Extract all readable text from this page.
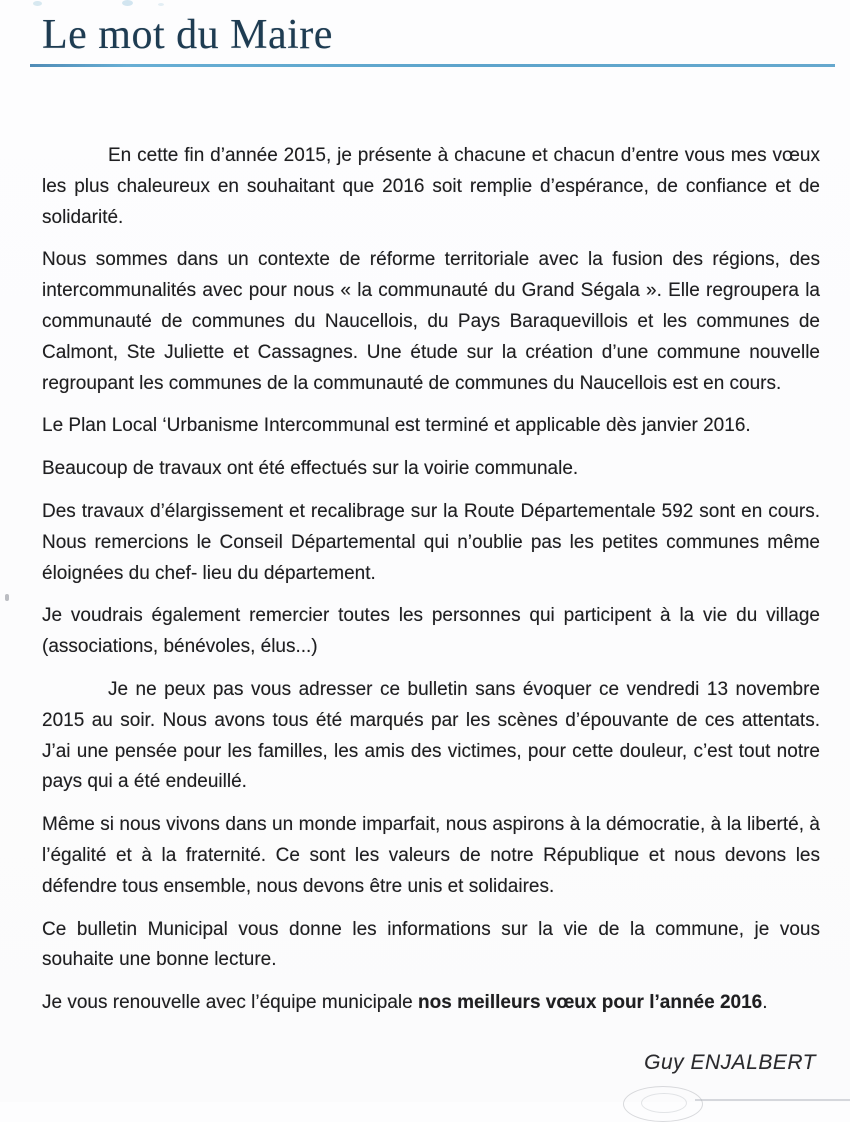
Le mot du Maire

En cette fin d’année 2015, je présente à chacune et chacun d’entre vous mes vœux les plus chaleureux en souhaitant que 2016 soit remplie d’espérance, de confiance et de solidarité.

Nous sommes dans un contexte de réforme territoriale avec la fusion des régions, des intercommunalités avec pour nous « la communauté du Grand Ségala ». Elle regroupera la communauté de communes du Naucellois, du Pays Baraquevillois et les communes de Calmont, Ste Juliette et Cassagnes. Une étude sur la création d’une commune nouvelle regroupant les communes de la communauté de communes du Naucellois est en cours.

Le Plan Local ‘Urbanisme Intercommunal est terminé et applicable dès janvier 2016.

Beaucoup de travaux ont été effectués sur la voirie communale.

Des travaux d’élargissement et recalibrage sur la Route Départementale 592 sont en cours. Nous remercions le Conseil Départemental qui n’oublie pas les petites communes même éloignées du chef- lieu du département.

Je voudrais également remercier toutes les personnes qui participent à la vie du village (associations, bénévoles, élus...)

Je ne peux pas vous adresser ce bulletin sans évoquer ce vendredi 13 novembre 2015 au soir. Nous avons tous été marqués par les scènes d’épouvante de ces attentats. J’ai une pensée pour les familles, les amis des victimes, pour cette douleur, c’est tout notre pays qui a été endeuillé.

Même si nous vivons dans un monde imparfait, nous aspirons à la démocratie, à la liberté, à l’égalité et à la fraternité. Ce sont les valeurs de notre République et nous devons les défendre tous ensemble, nous devons être unis et solidaires.

Ce bulletin Municipal vous donne les informations sur la vie de la commune, je vous souhaite une bonne lecture.

Je vous renouvelle avec l’équipe municipale nos meilleurs vœux pour l’année 2016.

Guy ENJALBERT
